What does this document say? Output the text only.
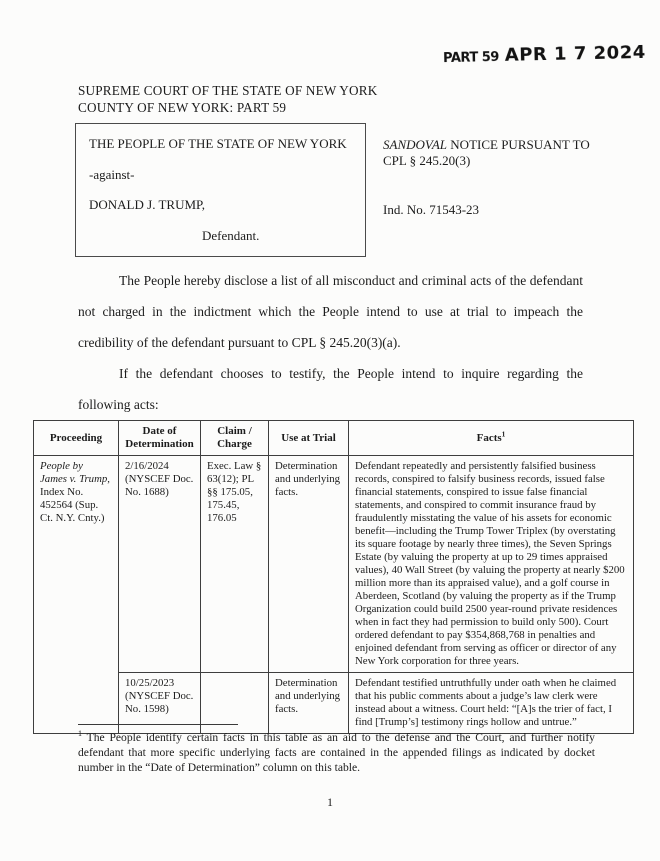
PART 59 APR 1 7 2024
SUPREME COURT OF THE STATE OF NEW YORK
COUNTY OF NEW YORK: PART 59

THE PEOPLE OF THE STATE OF NEW YORK

-against-

DONALD J. TRUMP,

Defendant.

SANDOVAL NOTICE PURSUANT TO CPL § 245.20(3)
Ind. No. 71543-23

The People hereby disclose a list of all misconduct and criminal acts of the defendant not charged in the indictment which the People intend to use at trial to impeach the credibility of the defendant pursuant to CPL § 245.20(3)(a).

If the defendant chooses to testify, the People intend to inquire regarding the following acts:

Proceeding	Date of Determination	Claim / Charge	Use at Trial	Facts$^1$
People by James v. Trump, Index No. 452564 (Sup. Ct. N.Y. Cnty.)	2/16/2024 (NYSCEF Doc. No. 1688)	Exec. Law § 63(12); PL §§ 175.05, 175.45, 176.05	Determination and underlying facts.	Defendant repeatedly and persistently falsified business records, conspired to falsify business records, issued false financial statements, conspired to issue false financial statements, and conspired to commit insurance fraud by fraudulently misstating the value of his assets for economic benefit—including the Trump Tower Triplex (by overstating its square footage by nearly three times), the Seven Springs Estate (by valuing the property at up to 29 times appraised values), 40 Wall Street (by valuing the property at nearly $200 million more than its appraised value), and a golf course in Aberdeen, Scotland (by valuing the property as if the Trump Organization could build 2500 year-round private residences when in fact they had permission to build only 500). Court ordered defendant to pay $354,868,768 in penalties and enjoined defendant from serving as officer or director of any New York corporation for three years.
	10/25/2023 (NYSCEF Doc. No. 1598)		Determination and underlying facts.	Defendant testified untruthfully under oath when he claimed that his public comments about a judge’s law clerk were instead about a witness. Court held: “[A]s the trier of fact, I find [Trump’s] testimony rings hollow and untrue.”
$^1$ The People identify certain facts in this table as an aid to the defense and the Court, and further notify defendant that more specific underlying facts are contained in the appended filings as indicated by docket number in the “Date of Determination” column on this table.
1
